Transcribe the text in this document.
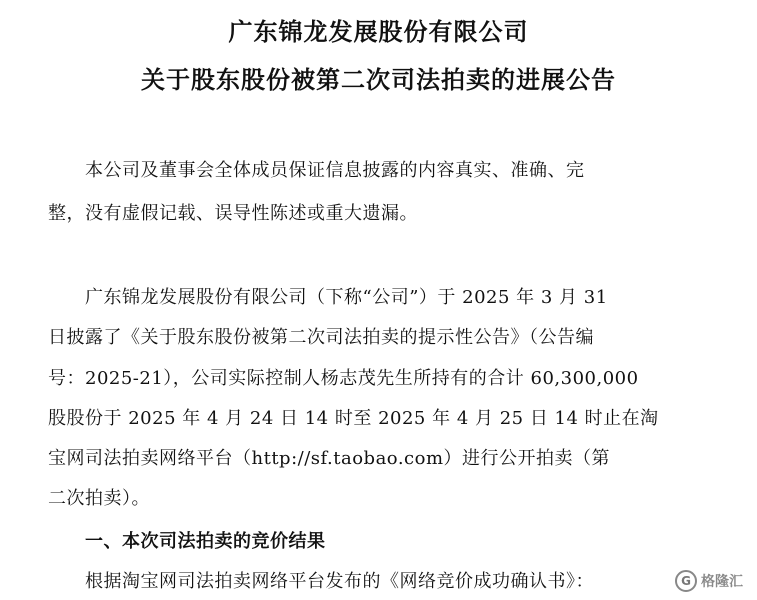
广东锦龙发展股份有限公司
关于股东股份被第二次司法拍卖的进展公告
本公司及董事会全体成员保证信息披露的内容真实、准确、完
整，没有虚假记载、误导性陈述或重大遗漏。
广东锦龙发展股份有限公司（下称“公司”）于 2025 年 3 月 31
日披露了《关于股东股份被第二次司法拍卖的提示性公告》（公告编
号：2025-21），公司实际控制人杨志茂先生所持有的合计 60,300,000
股股份于 2025 年 4 月 24 日 14 时至 2025 年 4 月 25 日 14 时止在淘
宝网司法拍卖网络平台（http://sf.taobao.com）进行公开拍卖（第
二次拍卖）。
一、本次司法拍卖的竞价结果
根据淘宝网司法拍卖网络平台发布的《网络竞价成功确认书》：	G 格隆汇
